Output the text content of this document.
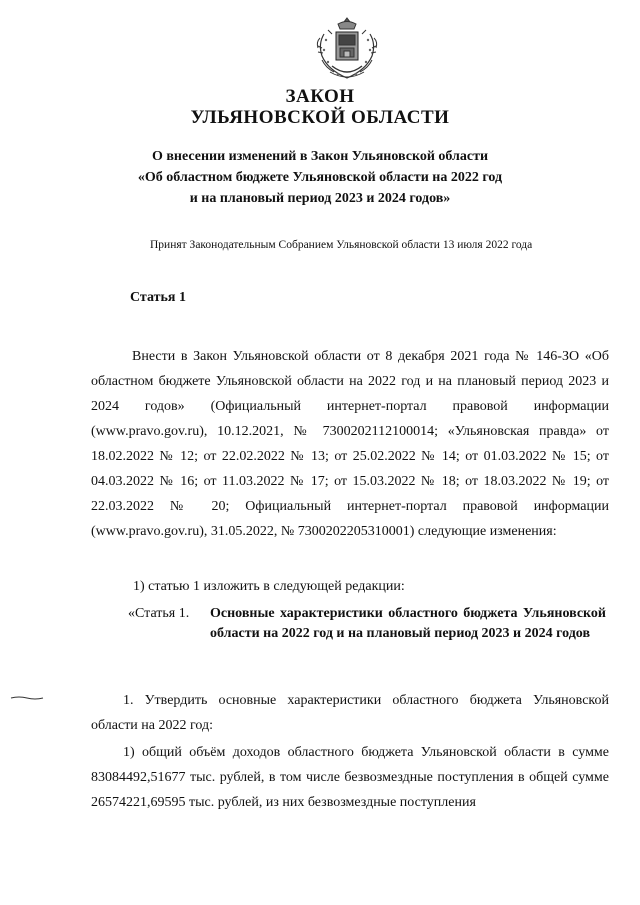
ЗАКОН
УЛЬЯНОВСКОЙ ОБЛАСТИ
О внесении изменений в Закон Ульяновской области
«Об областном бюджете Ульяновской области на 2022 год
и на плановый период 2023 и 2024 годов»
Принят Законодательным Собранием Ульяновской области 13 июля 2022 года
Статья 1
Внести в Закон Ульяновской области от 8 декабря 2021 года № 146-ЗО «Об областном бюджете Ульяновской области на 2022 год и на плановый период 2023 и 2024 годов» (Официальный интернет-портал правовой информации (www.pravo.gov.ru), 10.12.2021, № 7300202112100014; «Ульяновская правда» от 18.02.2022 № 12; от 22.02.2022 № 13; от 25.02.2022 № 14; от 01.03.2022 № 15; от 04.03.2022 № 16; от 11.03.2022 № 17; от 15.03.2022 № 18; от 18.03.2022 № 19; от 22.03.2022 № 20; Официальный интернет-портал правовой информации (www.pravo.gov.ru), 31.05.2022, № 7300202205310001) следующие изменения:
1) статью 1 изложить в следующей редакции:
«Статья 1. Основные характеристики областного бюджета Ульяновской области на 2022 год и на плановый период 2023 и 2024 годов
1. Утвердить основные характеристики областного бюджета Ульяновской области на 2022 год:
1) общий объём доходов областного бюджета Ульяновской области в сумме 83084492,51677 тыс. рублей, в том числе безвозмездные поступления в общей сумме 26574221,69595 тыс. рублей, из них безвозмездные поступления
